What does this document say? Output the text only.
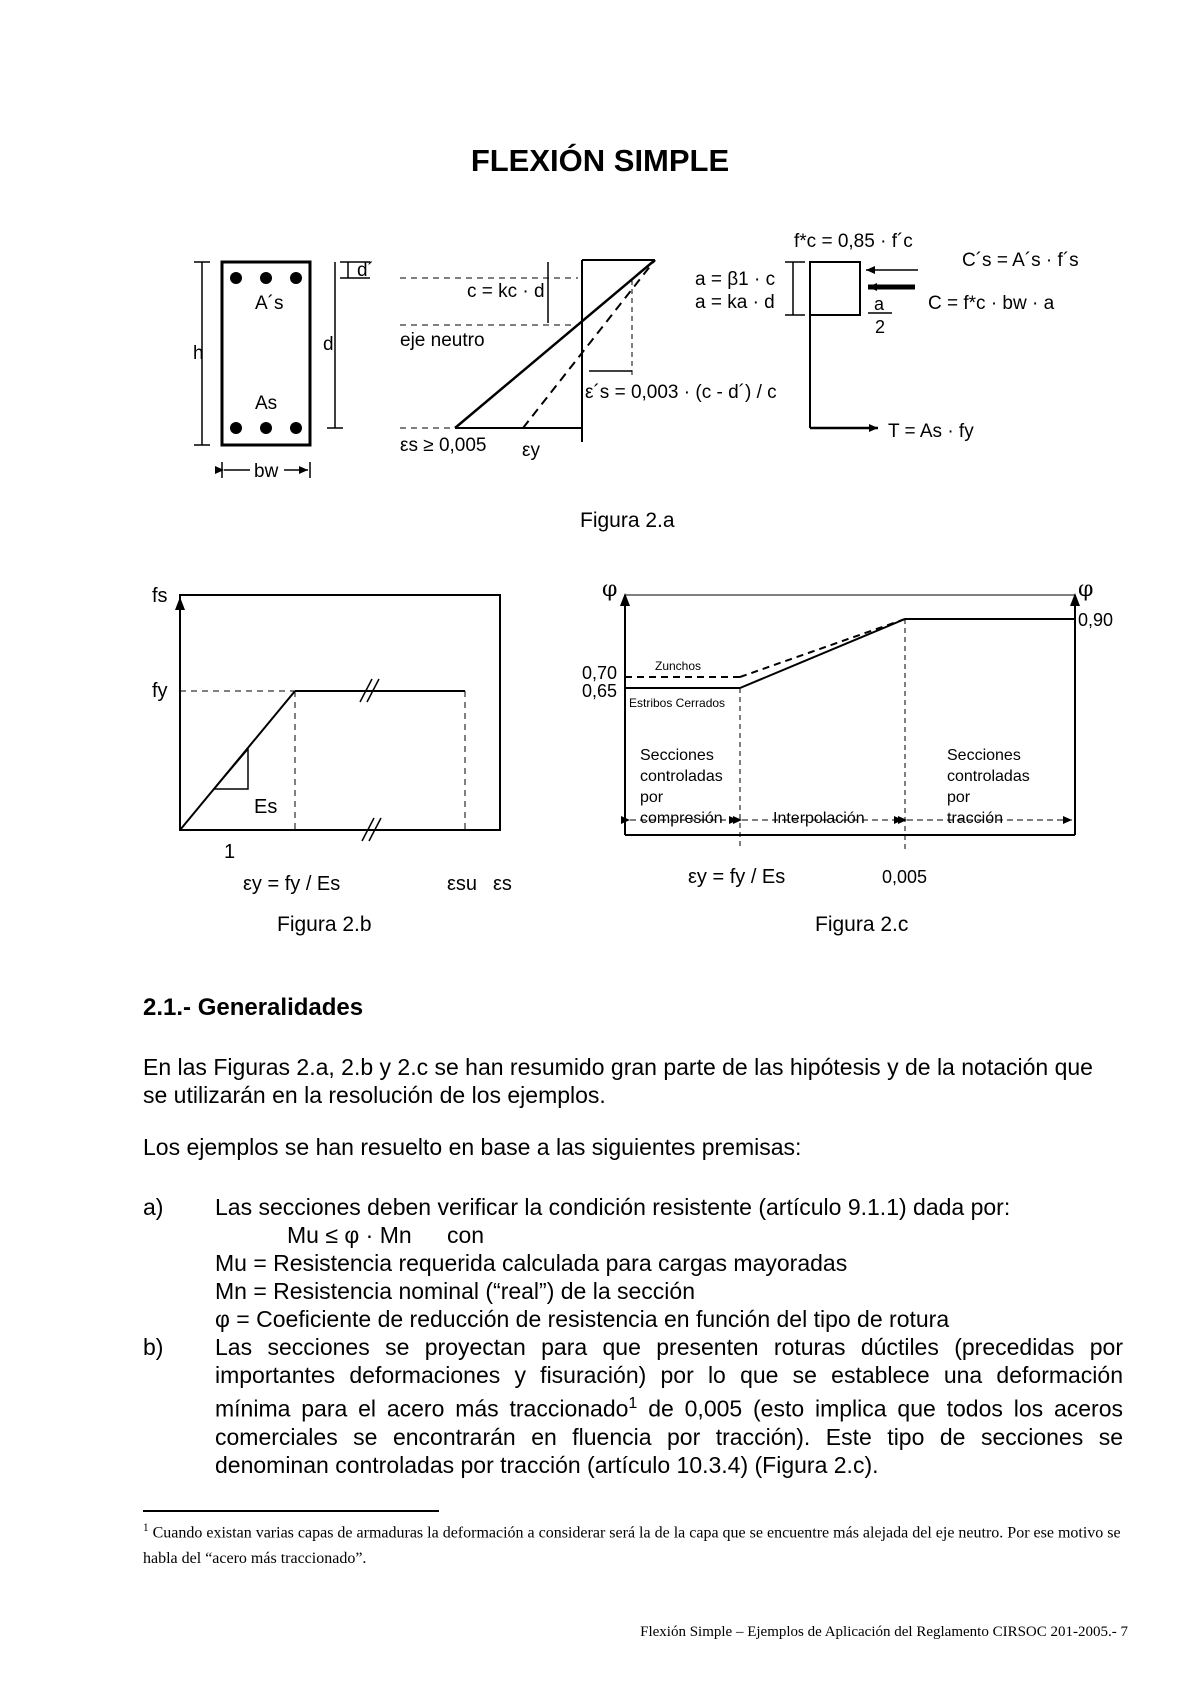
FLEXIÓN SIMPLE
A´s
h	d
d´
As
bw
c = kc · d
eje neutro
ε´s = 0,003 · (c - d´) / c
εs ≥ 0,005 εy
f*c = 0,85 · f´c
a = β1 · c
a = ka · d	a
2
C´s = A´s · f´s
C = f*c · bw · a
T = As · fy
Figura 2.a
fs
fy
Es
1
εy = fy / Es	εsu εs
Figura 2.b
φ	φ
0,90
0,70
0,65
Zunchos
Estribos Cerrados
Secciones
controladas
por
compresión	Interpolación
Secciones
controladas
por
tracción
εy = fy / Es	0,005
Figura 2.c
2.1.- Generalidades
En las Figuras 2.a, 2.b y 2.c se han resumido gran parte de las hipótesis y de la notación que se utilizarán en la resolución de los ejemplos.
Los ejemplos se han resuelto en base a las siguientes premisas:
a)	Las secciones deben verificar la condición resistente (artículo 9.1.1) dada por:
Mu ≤ φ · Mn	con
Mu = Resistencia requerida calculada para cargas mayoradas
Mn = Resistencia nominal (“real”) de la sección
φ = Coeficiente de reducción de resistencia en función del tipo de rotura
b)	Las secciones se proyectan para que presenten roturas dúctiles (precedidas por importantes deformaciones y fisuración) por lo que se establece una deformación mínima para el acero más traccionado$^1$ de 0,005 (esto implica que todos los aceros comerciales se encontrarán en fluencia por tracción). Este tipo de secciones se denominan controladas por tracción (artículo 10.3.4) (Figura 2.c).
$^1$ Cuando existan varias capas de armaduras la deformación a considerar será la de la capa que se encuentre más alejada del eje neutro. Por ese motivo se habla del “acero más traccionado”.
Flexión Simple – Ejemplos de Aplicación del Reglamento CIRSOC 201-2005.- 7
